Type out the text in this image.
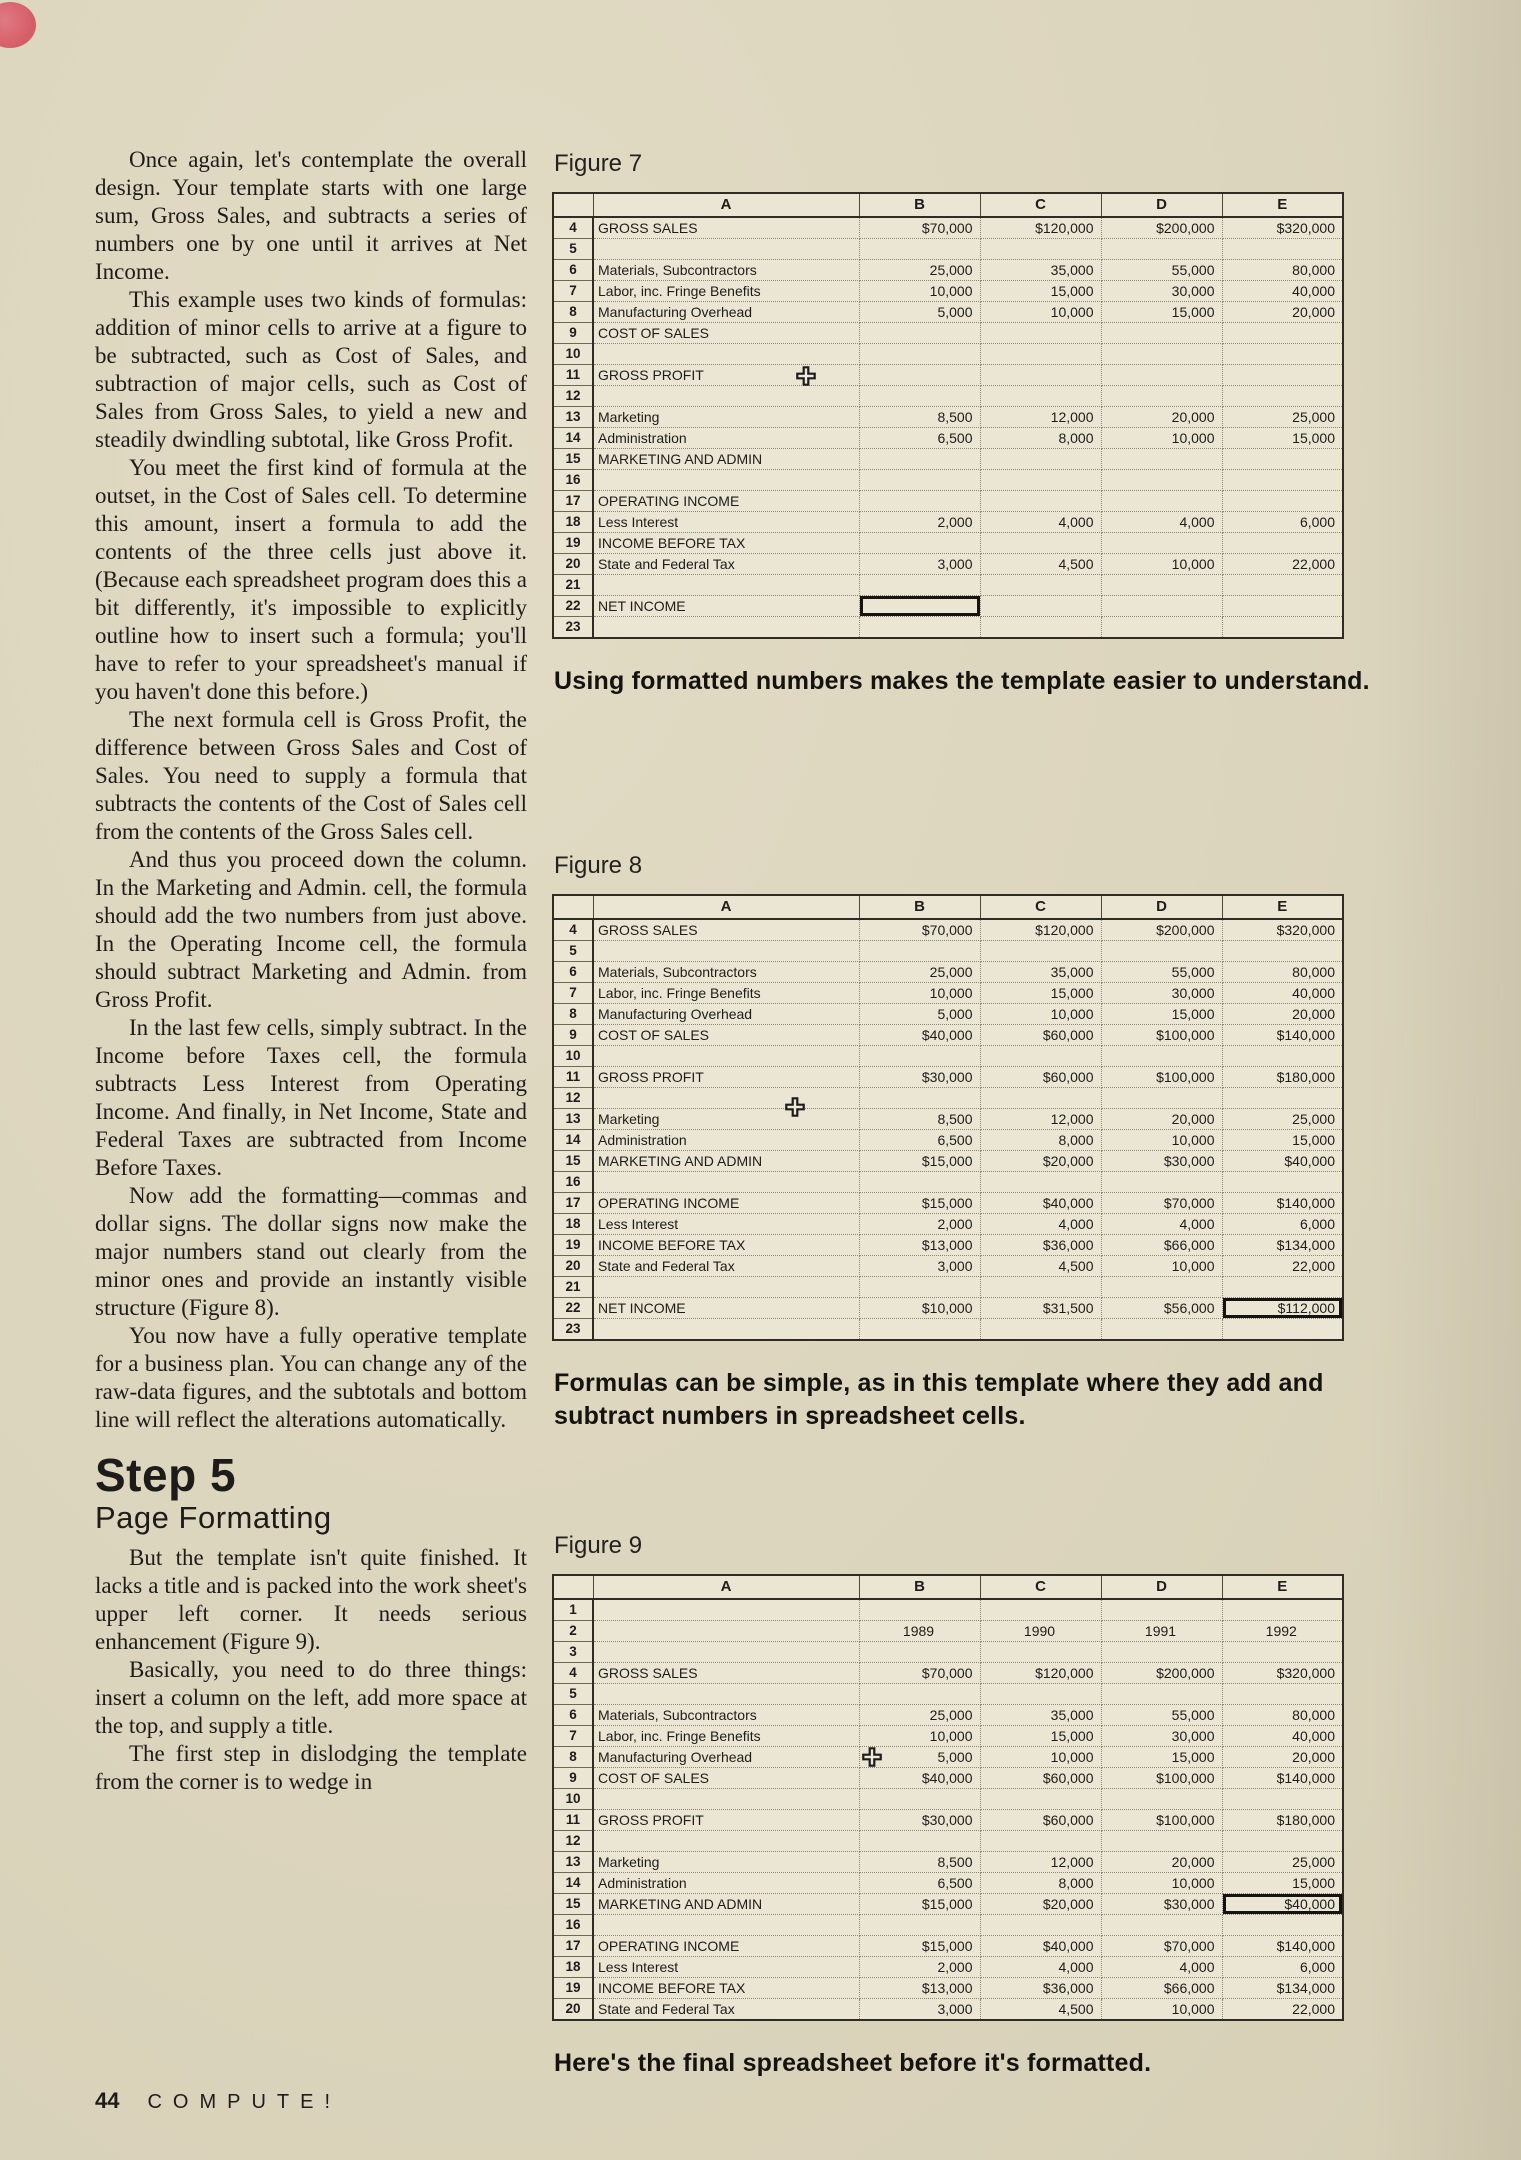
Once again, let's contemplate the overall design. Your template starts with one large sum, Gross Sales, and subtracts a series of numbers one by one until it arrives at Net Income.

This example uses two kinds of formulas: addition of minor cells to arrive at a figure to be subtracted, such as Cost of Sales, and subtraction of major cells, such as Cost of Sales from Gross Sales, to yield a new and steadily dwindling subtotal, like Gross Profit.

You meet the first kind of formula at the outset, in the Cost of Sales cell. To determine this amount, insert a formula to add the contents of the three cells just above it. (Because each spreadsheet program does this a bit differently, it's impossible to explicitly outline how to insert such a formula; you'll have to refer to your spreadsheet's manual if you haven't done this before.)

The next formula cell is Gross Profit, the difference between Gross Sales and Cost of Sales. You need to supply a formula that subtracts the contents of the Cost of Sales cell from the contents of the Gross Sales cell.

And thus you proceed down the column. In the Marketing and Admin. cell, the formula should add the two numbers from just above. In the Operating Income cell, the formula should subtract Marketing and Admin. from Gross Profit.

In the last few cells, simply subtract. In the Income before Taxes cell, the formula subtracts Less Interest from Operating Income. And finally, in Net Income, State and Federal Taxes are subtracted from Income Before Taxes.

Now add the formatting—commas and dollar signs. The dollar signs now make the major numbers stand out clearly from the minor ones and provide an instantly visible structure (Figure 8).

You now have a fully operative template for a business plan. You can change any of the raw-data figures, and the subtotals and bottom line will reflect the alterations automatically.

Step 5
Page Formatting

But the template isn't quite finished. It lacks a title and is packed into the work sheet's upper left corner. It needs serious enhancement (Figure 9).

Basically, you need to do three things: insert a column on the left, add more space at the top, and supply a title.

The first step in dislodging the template from the corner is to wedge in

Figure 7
	A	B	C	D	E
4	GROSS SALES	$70,000	$120,000	$200,000	$320,000
5					
6	Materials, Subcontractors	25,000	35,000	55,000	80,000
7	Labor, inc. Fringe Benefits	10,000	15,000	30,000	40,000
8	Manufacturing Overhead	5,000	10,000	15,000	20,000
9	COST OF SALES				
10					
11	GROSS PROFIT

12					
13	Marketing	8,500	12,000	20,000	25,000
14	Administration	6,500	8,000	10,000	15,000
15	MARKETING AND ADMIN				
16					
17	OPERATING INCOME				
18	Less Interest	2,000	4,000	4,000	6,000
19	INCOME BEFORE TAX				
20	State and Federal Tax	3,000	4,500	10,000	22,000
21					
22	NET INCOME				
23					
Using formatted numbers makes the template easier to understand.
Figure 8
	A	B	C	D	E
4	GROSS SALES	$70,000	$120,000	$200,000	$320,000
5					
6	Materials, Subcontractors	25,000	35,000	55,000	80,000
7	Labor, inc. Fringe Benefits	10,000	15,000	30,000	40,000
8	Manufacturing Overhead	5,000	10,000	15,000	20,000
9	COST OF SALES	$40,000	$60,000	$100,000	$140,000
10					
11	GROSS PROFIT	$30,000	$60,000	$100,000	$180,000
12	

13	Marketing	8,500	12,000	20,000	25,000
14	Administration	6,500	8,000	10,000	15,000
15	MARKETING AND ADMIN	$15,000	$20,000	$30,000	$40,000
16					
17	OPERATING INCOME	$15,000	$40,000	$70,000	$140,000
18	Less Interest	2,000	4,000	4,000	6,000
19	INCOME BEFORE TAX	$13,000	$36,000	$66,000	$134,000
20	State and Federal Tax	3,000	4,500	10,000	22,000
21					
22	NET INCOME	$10,000	$31,500	$56,000	$112,000
23					
Formulas can be simple, as in this template where they add and subtract numbers in spreadsheet cells.
Figure 9
	A	B	C	D	E
1					
2		1989	1990	1991	1992
3					
4	GROSS SALES	$70,000	$120,000	$200,000	$320,000
5					
6	Materials, Subcontractors	25,000	35,000	55,000	80,000
7	Labor, inc. Fringe Benefits	10,000	15,000	30,000	40,000
8	Manufacturing Overhead	5,000	10,000	15,000	20,000
9	COST OF SALES	$40,000	$60,000	$100,000	$140,000
10					
11	GROSS PROFIT	$30,000	$60,000	$100,000	$180,000
12					
13	Marketing	8,500	12,000	20,000	25,000
14	Administration	6,500	8,000	10,000	15,000
15	MARKETING AND ADMIN	$15,000	$20,000	$30,000	$40,000
16					
17	OPERATING INCOME	$15,000	$40,000	$70,000	$140,000
18	Less Interest	2,000	4,000	4,000	6,000
19	INCOME BEFORE TAX	$13,000	$36,000	$66,000	$134,000
20	State and Federal Tax	3,000	4,500	10,000	22,000
Here's the final spreadsheet before it's formatted.
44 COMPUTE!
